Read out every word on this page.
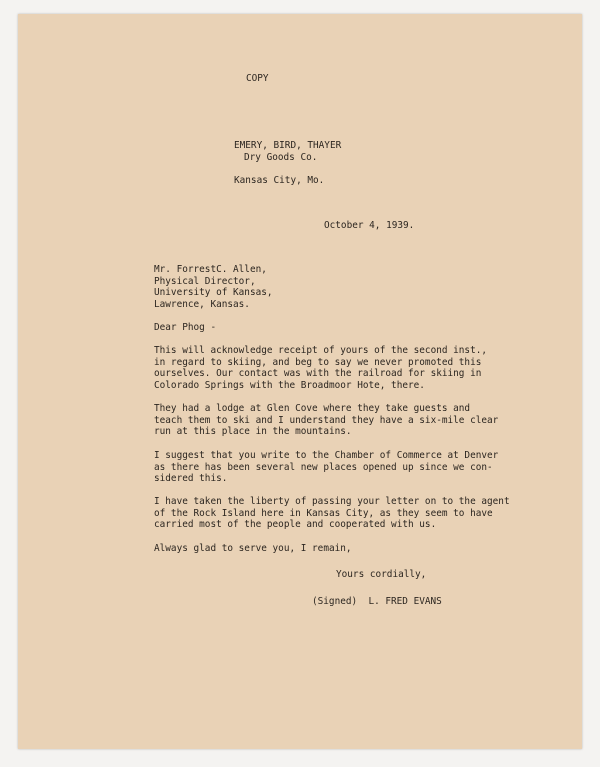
COPY

EMERY, BIRD, THAYER

Dry Goods Co.

Kansas City, Mo.

October 4, 1939.

Mr. ForrestC. Allen,

Physical Director,

University of Kansas,

Lawrence, Kansas.

Dear Phog -

This will acknowledge receipt of yours of the second inst.,
in regard to skiing, and beg to say we never promoted this
ourselves. Our contact was with the railroad for skiing in
Colorado Springs with the Broadmoor Hote, there.

They had a lodge at Glen Cove where they take guests and
teach them to ski and I understand they have a six-mile clear
run at this place in the mountains.

I suggest that you write to the Chamber of Commerce at Denver
as there has been several new places opened up since we con-
sidered this.

I have taken the liberty of passing your letter on to the agent
of the Rock Island here in Kansas City, as they seem to have
carried most of the people and cooperated with us.

Always glad to serve you, I remain,

Yours cordially,

(Signed)  L. FRED EVANS
